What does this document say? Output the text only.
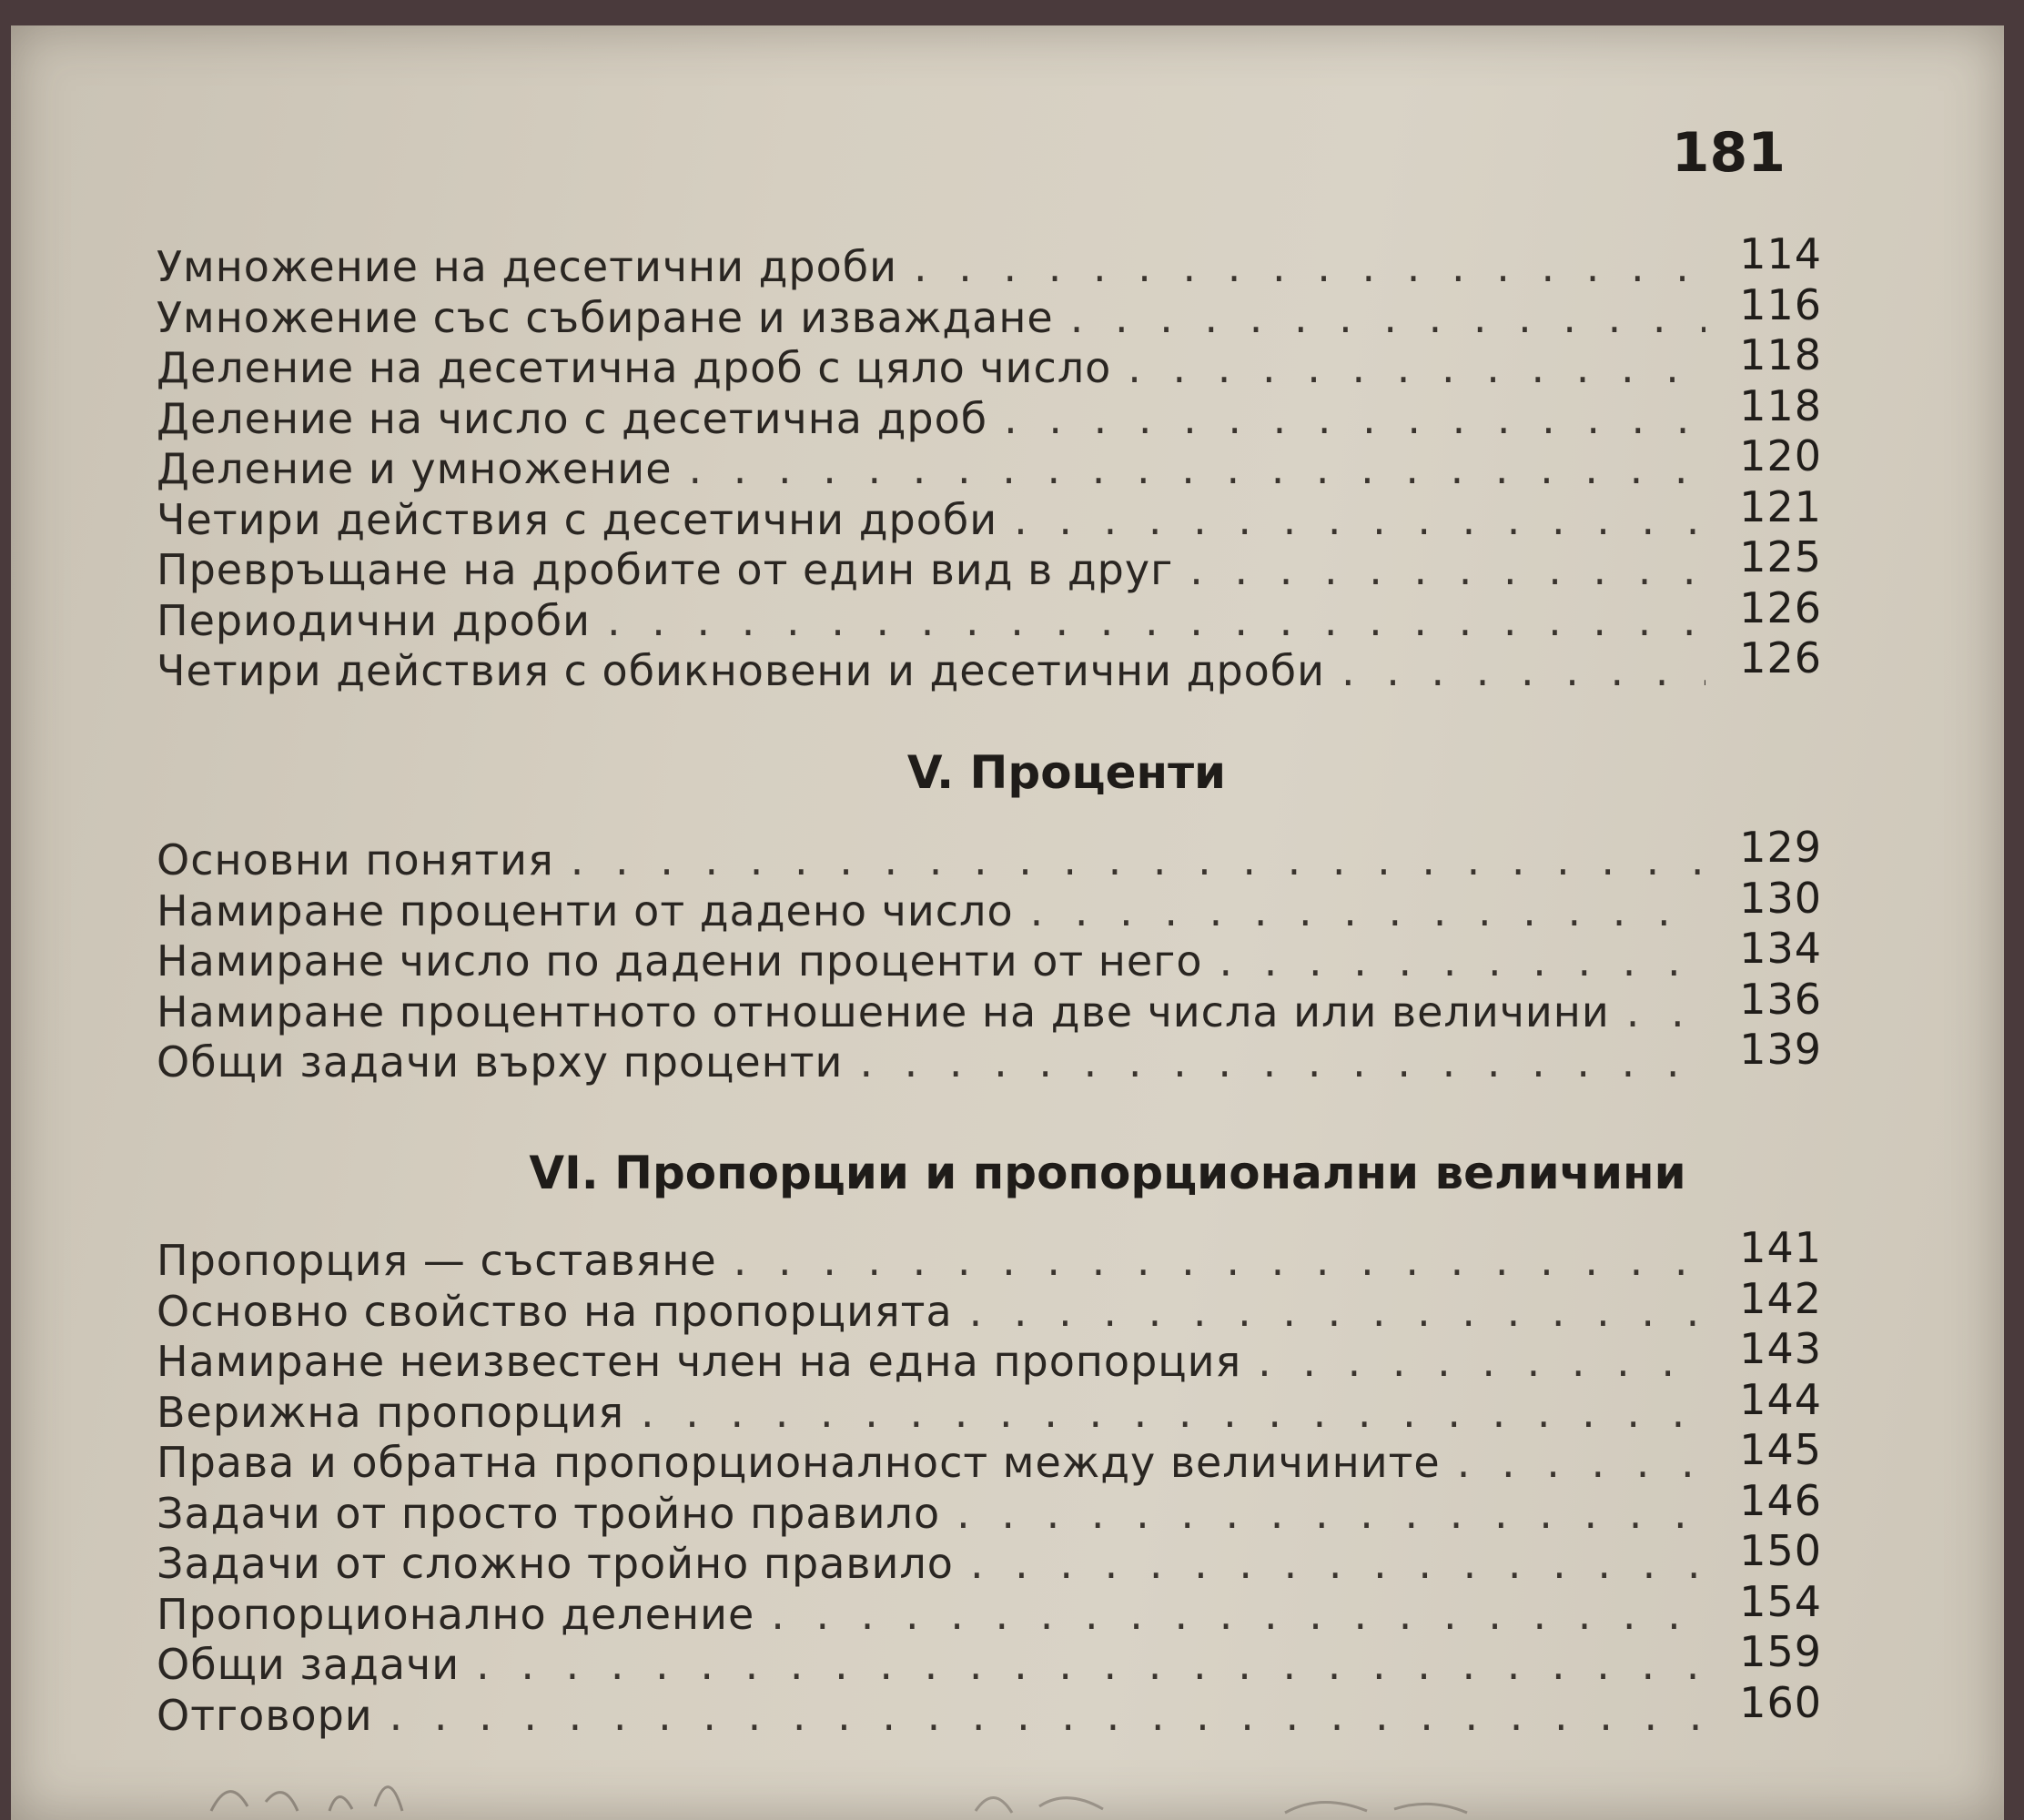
181
Умножение на десетични дроби . . .	114
Умножение със събиране и изваждане . . .	116
Деление на десетична дроб с цяло число . . .	118
Деление на число с десетична дроб . . .	118
Деление и умножение . . .	120
Четири действия с десетични дроби . . .	121
Превръщане на дробите от един вид в друг . . .	125
Периодични дроби . . .	126
Четири действия с обикновени и десетични дроби . . .	126
V. Проценти
Основни понятия . . .	129
Намиране проценти от дадено число . . .	130
Намиране число по дадени проценти от него . . .	134
Намиране процентното отношение на две числа или величини . . .	136
Общи задачи върху проценти . . .	139
VI. Пропорции и пропорционални величини
Пропорция — съставяне . . .	141
Основно свойство на пропорцията . . .	142
Намиране неизвестен член на една пропорция . . .	143
Верижна пропорция . . .	144
Права и обратна пропорционалност между величините . . .	145
Задачи от просто тройно правило . . .	146
Задачи от сложно тройно правило . . .	150
Пропорционално деление . . .	154
Общи задачи . . .	159
Отговори . . .	160
